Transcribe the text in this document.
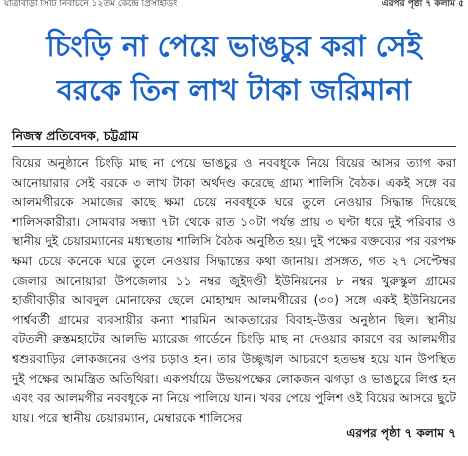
যাত্রাবাড়ী সিটি নির্বাচনে ১২তম কেন্দ্রে প্রিসাইডিং	এরপর পৃষ্ঠা ৭ কলাম ৫
চিংড়ি না পেয়ে ভাঙচুর করা সেই
বরকে তিন লাখ টাকা জরিমানা
নিজস্ব প্রতিবেদক, চট্টগ্রাম
বিয়ের অনুষ্ঠানে চিংড়ি মাছ না পেয়ে ভাঙচুর ও নববধূকে নিয়ে বিয়ের আসর ত্যাগ করা আনোয়ারার সেই বরকে ৩ লাখ টাকা অর্থদণ্ড করেছে গ্রাম্য শালিসি বৈঠক। একই সঙ্গে বর আলমগীরকে সমাজের কাছে ক্ষমা চেয়ে নববধূকে ঘরে তুলে নেওয়ার সিদ্ধান্ত দিয়েছে শালিসকারীরা। সোমবার সন্ধ্যা ৭টা থেকে রাত ১০টা পর্যন্ত প্রায় ৩ ঘণ্টা ধরে দুই পরিবার ও স্থানীয় দুই চেয়ারম্যানের মধ্যস্থতায় শালিসি বৈঠক অনুষ্ঠিত হয়। দুই পক্ষের বক্তব্যের পর বরপক্ষ ক্ষমা চেয়ে কনেকে ঘরে তুলে নেওয়ার সিদ্ধান্তের কথা জানায়। প্রসঙ্গত, গত ২৭ সেপ্টেম্বর জেলার আনোয়ারা উপজেলার ১১ নম্বর জুইদণ্ডী ইউনিয়নের ৮ নম্বর খুরুস্কুল গ্রামের হাজীবাড়ীর আবদুল মোনাফের ছেলে মোহাম্মদ আলমগীরের (৩০) সঙ্গে একই ইউনিয়নের পার্শ্ববর্তী গ্রামের ব্যবসায়ীর কন্যা শারমিন আকতারের বিবাহ-উত্তর অনুষ্ঠান ছিল। স্থানীয় বটতলী রুস্তমহাটের আলভি ম্যারেজ গার্ডেনে চিংড়ি মাছ না দেওয়ার কারণে বর আলমগীর শ্বশুরবাড়ির লোকজনের ওপর চড়াও হন। তার উচ্ছৃঙ্খল আচরণে হতভম্ব হয়ে যান উপস্থিত দুই পক্ষের আমন্ত্রিত অতিথিরা। একপর্যায়ে উভয়পক্ষের লোকজন ঝগড়া ও ভাঙচুরে লিপ্ত হন এবং বর আলমগীর নববধূকে না নিয়ে পালিয়ে যান। খবর পেয়ে পুলিশ ওই বিয়ের আসরে ছুটে যায়। পরে স্থানীয় চেয়ারম্যান, মেম্বারকে শালিসের
এরপর পৃষ্ঠা ৭ কলাম ৭
